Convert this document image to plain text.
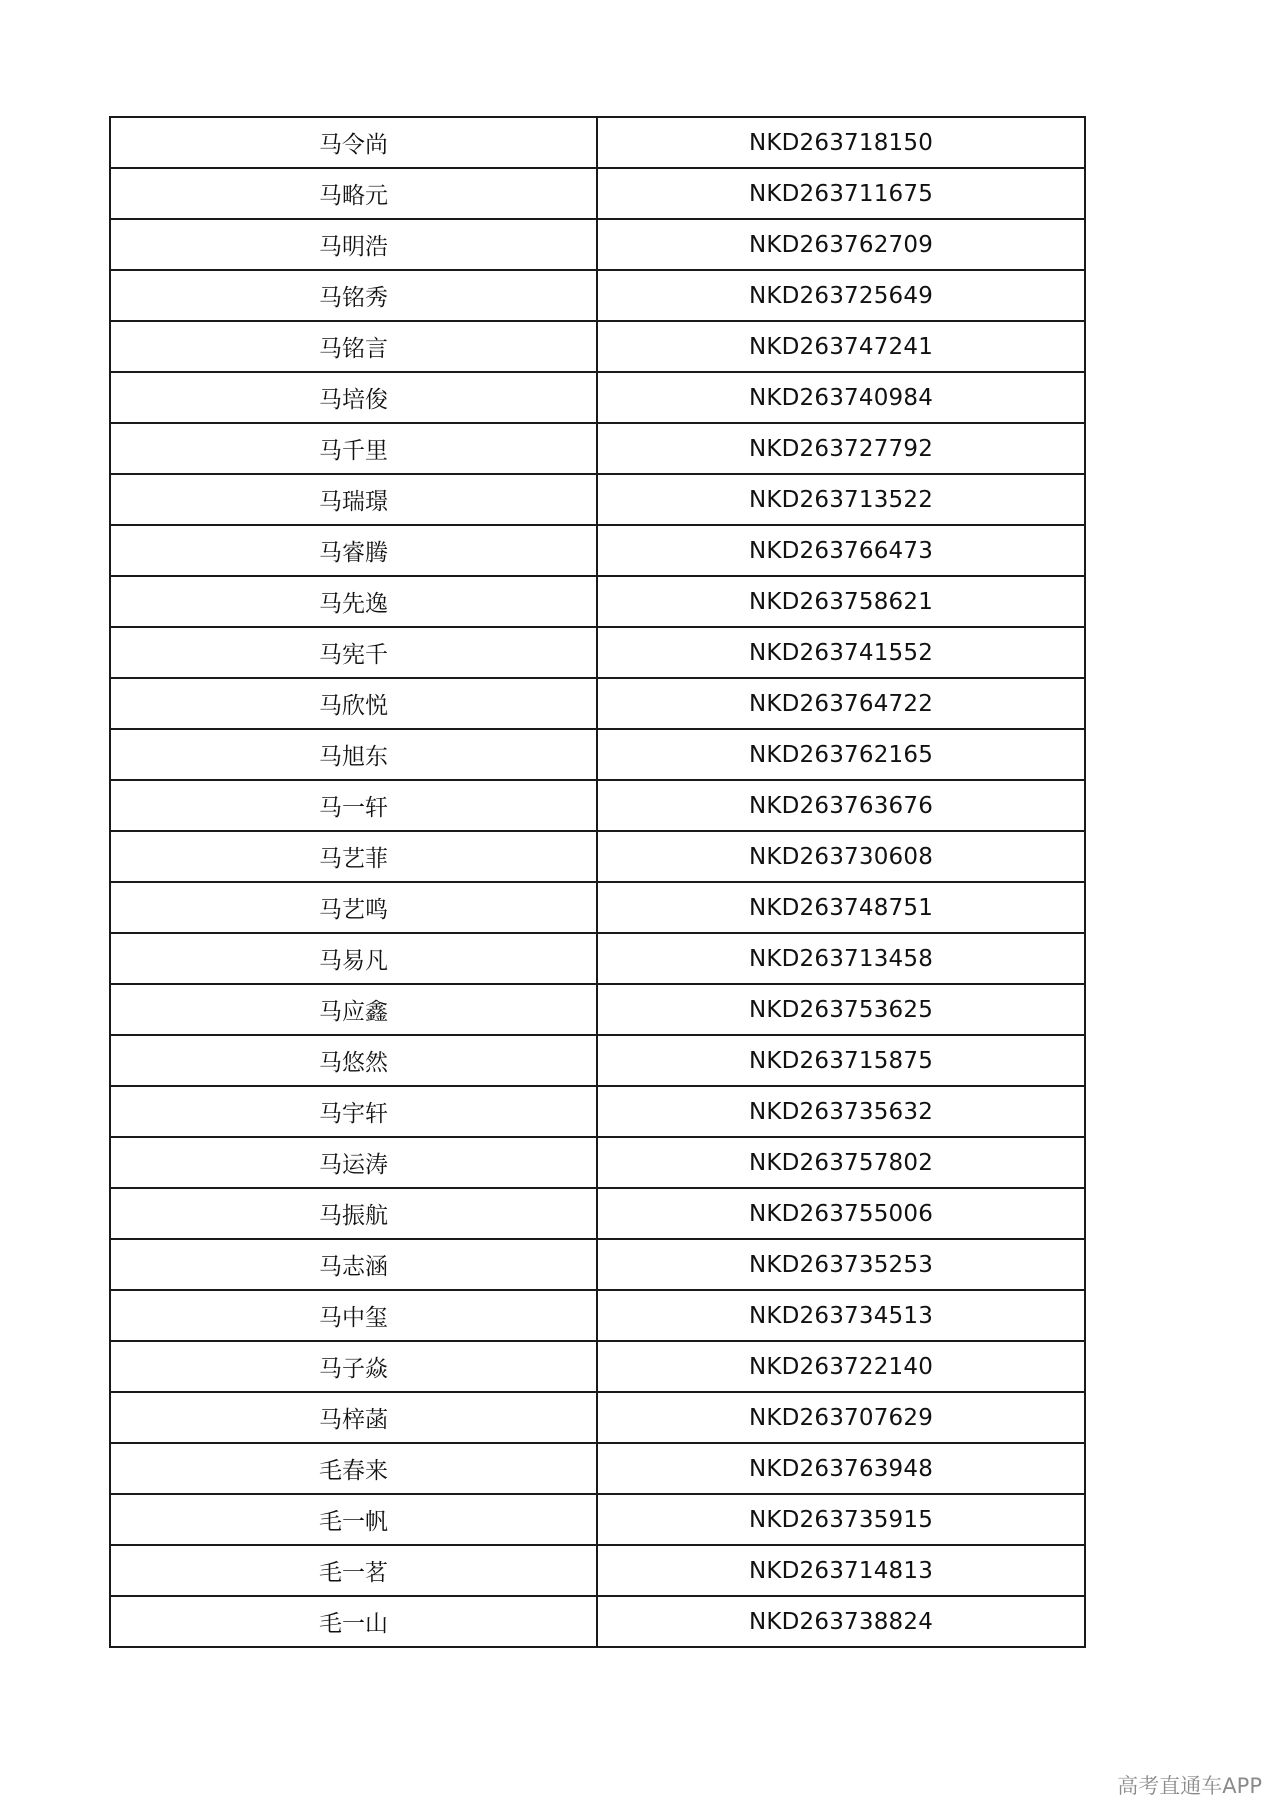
马令尚	NKD263718150
马略元	NKD263711675
马明浩	NKD263762709
马铭秀	NKD263725649
马铭言	NKD263747241
马培俊	NKD263740984
马千里	NKD263727792
马瑞璟	NKD263713522
马睿腾	NKD263766473
马先逸	NKD263758621
马宪千	NKD263741552
马欣悦	NKD263764722
马旭东	NKD263762165
马一轩	NKD263763676
马艺菲	NKD263730608
马艺鸣	NKD263748751
马易凡	NKD263713458
马应鑫	NKD263753625
马悠然	NKD263715875
马宇轩	NKD263735632
马运涛	NKD263757802
马振航	NKD263755006
马志涵	NKD263735253
马中玺	NKD263734513
马子焱	NKD263722140
马梓菡	NKD263707629
毛春来	NKD263763948
毛一帆	NKD263735915
毛一茗	NKD263714813
毛一山	NKD263738824
高考直通车APP
